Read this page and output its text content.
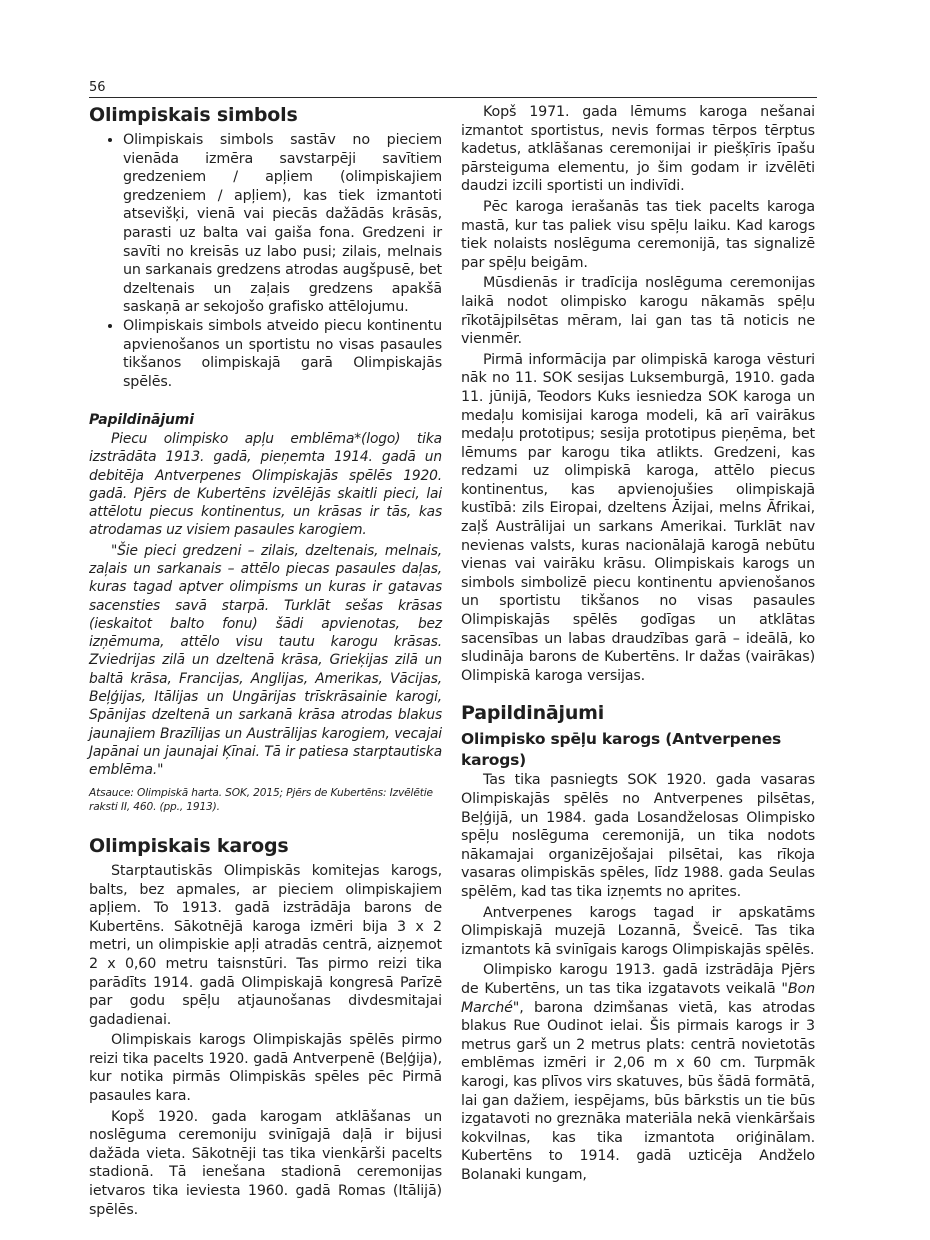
56
Olimpiskais simbols
• Olimpiskais simbols sastāv no pieciem vienāda izmēra savstarpēji savītiem gredzeniem / apļiem (olimpiskajiem gredzeniem / apļiem), kas tiek izmantoti atsevišķi, vienā vai piecās dažādās krāsās, parasti uz balta vai gaiša fona. Gredzeni ir savīti no kreisās uz labo pusi; zilais, melnais un sarkanais gredzens atrodas augšpusē, bet dzeltenais un zaļais gredzens apakšā saskaņā ar sekojošo grafisko attēlojumu.
• Olimpiskais simbols atveido piecu kontinentu apvienošanos un sportistu no visas pasaules tikšanos olimpiskajā garā Olimpiskajās spēlēs.
Papildinājumi

Piecu olimpisko apļu emblēma*(logo) tika izstrādāta 1913. gadā, pieņemta 1914. gadā un debitēja Antverpenes Olimpiskajās spēlēs 1920. gadā. Pjērs de Kubertēns izvēlējās skaitli pieci, lai attēlotu piecus kontinentus, un krāsas ir tās, kas atrodamas uz visiem pasaules karogiem.

"Šie pieci gredzeni – zilais, dzeltenais, melnais, zaļais un sarkanais – attēlo piecas pasaules daļas, kuras tagad aptver olimpisms un kuras ir gatavas sacensties savā starpā. Turklāt sešas krāsas (ieskaitot balto fonu) šādi apvienotas, bez izņēmuma, attēlo visu tautu karogu krāsas. Zviedrijas zilā un dzeltenā krāsa, Grieķijas zilā un baltā krāsa, Francijas, Anglijas, Amerikas, Vācijas, Beļģijas, Itālijas un Ungārijas trīskrāsainie karogi, Spānijas dzeltenā un sarkanā krāsa atrodas blakus jaunajiem Brazīlijas un Austrālijas karogiem, vecajai Japānai un jaunajai Ķīnai. Tā ir patiesa starptautiska emblēma."

Atsauce: Olimpiskā harta. SOK, 2015; Pjērs de Kubertēns: Izvēlētie raksti II, 460. (pp., 1913).
Olimpiskais karogs

Starptautiskās Olimpiskās komitejas karogs, balts, bez apmales, ar pieciem olimpiskajiem apļiem. To 1913. gadā izstrādāja barons de Kubertēns. Sākotnējā karoga izmēri bija 3 x 2 metri, un olimpiskie apļi atradās centrā, aizņemot 2 x 0,60 metru taisnstūri. Tas pirmo reizi tika parādīts 1914. gadā Olimpiskajā kongresā Parīzē par godu spēļu atjaunošanas divdesmitajai gadadienai.

Olimpiskais karogs Olimpiskajās spēlēs pirmo reizi tika pacelts 1920. gadā Antverpenē (Beļģija), kur notika pirmās Olimpiskās spēles pēc Pirmā pasaules kara.

Kopš 1920. gada karogam atklāšanas un noslēguma ceremoniju svinīgajā daļā ir bijusi dažāda vieta. Sākotnēji tas tika vienkārši pacelts stadionā. Tā ienešana stadionā ceremonijas ietvaros tika ieviesta 1960. gadā Romas (Itālijā) spēlēs.

Kopš 1971. gada lēmums karoga nešanai izmantot sportistus, nevis formas tērpos tērptus kadetus, atklāšanas ceremonijai ir piešķīris īpašu pārsteiguma elementu, jo šim godam ir izvēlēti daudzi izcili sportisti un indivīdi.

Pēc karoga ierašanās tas tiek pacelts karoga mastā, kur tas paliek visu spēļu laiku. Kad karogs tiek nolaists noslēguma ceremonijā, tas signalizē par spēļu beigām.

Mūsdienās ir tradīcija noslēguma ceremonijas laikā nodot olimpisko karogu nākamās spēļu rīkotājpilsētas mēram, lai gan tas tā noticis ne vienmēr.

Pirmā informācija par olimpiskā karoga vēsturi nāk no 11. SOK sesijas Luksemburgā, 1910. gada 11. jūnijā, Teodors Kuks iesniedza SOK karoga un medaļu komisijai karoga modeli, kā arī vairākus medaļu prototipus; sesija prototipus pieņēma, bet lēmums par karogu tika atlikts. Gredzeni, kas redzami uz olimpiskā karoga, attēlo piecus kontinentus, kas apvienojušies olimpiskajā kustībā: zils Eiropai, dzeltens Āzijai, melns Āfrikai, zaļš Austrālijai un sarkans Amerikai. Turklāt nav nevienas valsts, kuras nacionālajā karogā nebūtu vienas vai vairāku krāsu. Olimpiskais karogs un simbols simbolizē piecu kontinentu apvienošanos un sportistu tikšanos no visas pasaules Olimpiskajās spēlēs godīgas un atklātas sacensības un labas draudzības garā – ideālā, ko sludināja barons de Kubertēns. Ir dažas (vairākas) Olimpiskā karoga versijas.

Papildinājumi
Olimpisko spēļu karogs (Antverpenes karogs)

Tas tika pasniegts SOK 1920. gada vasaras Olimpiskajās spēlēs no Antverpenes pilsētas, Beļģijā, un 1984. gada Losandželosas Olimpisko spēļu noslēguma ceremonijā, un tika nodots nākamajai organizējošajai pilsētai, kas rīkoja vasaras olimpiskās spēles, līdz 1988. gada Seulas spēlēm, kad tas tika izņemts no aprites.

Antverpenes karogs tagad ir apskatāms Olimpiskajā muzejā Lozannā, Šveicē. Tas tika izmantots kā svinīgais karogs Olimpiskajās spēlēs.

Olimpisko karogu 1913. gadā izstrādāja Pjērs de Kubertēns, un tas tika izgatavots veikalā "Bon Marché", barona dzimšanas vietā, kas atrodas blakus Rue Oudinot ielai. Šis pirmais karogs ir 3 metrus garš un 2 metrus plats: centrā novietotās emblēmas izmēri ir 2,06 m x 60 cm. Turpmāk karogi, kas plīvos virs skatuves, būs šādā formātā, lai gan dažiem, iespējams, būs bārkstis un tie būs izgatavoti no greznāka materiāla nekā vienkāršais kokvilnas, kas tika izmantota oriģinālam. Kubertēns to 1914. gadā uzticēja Andželo Bolanaki kungam,
